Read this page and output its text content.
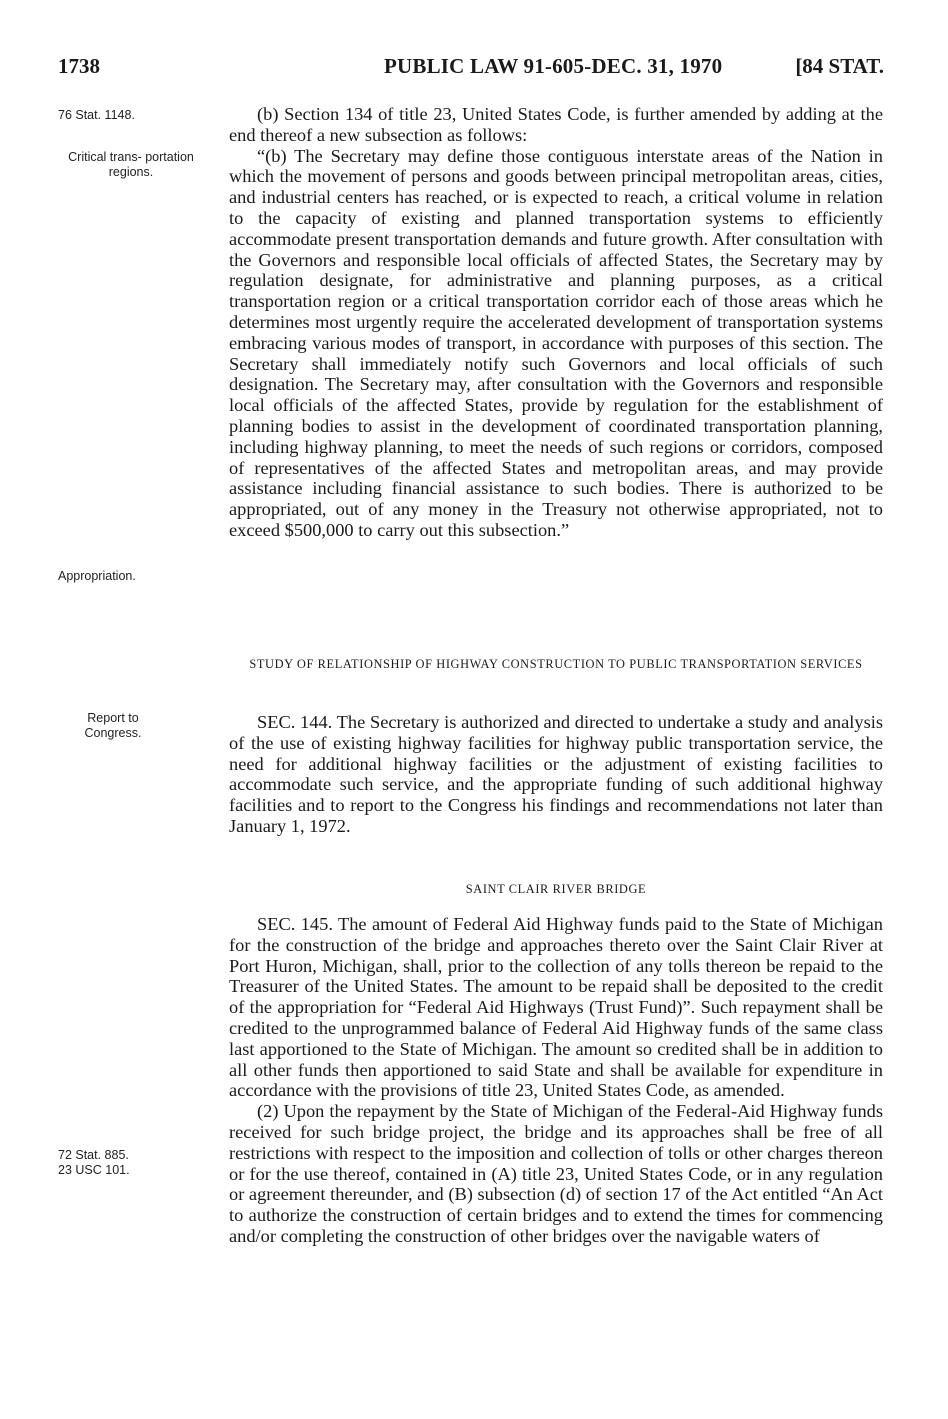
1738	PUBLIC LAW 91-605-DEC. 31, 1970	[84 STAT.
76 Stat. 1148.
Critical trans- portation regions.
Appropriation.
Report to Congress.
72 Stat. 885.
23 USC 101.

(b) Section 134 of title 23, United States Code, is further amended by adding at the end thereof a new subsection as follows:

“(b) The Secretary may define those contiguous interstate areas of the Nation in which the movement of persons and goods between principal metropolitan areas, cities, and industrial centers has reached, or is expected to reach, a critical volume in relation to the capacity of existing and planned transportation systems to efficiently accommodate present transportation demands and future growth. After consultation with the Governors and responsible local officials of affected States, the Secretary may by regulation designate, for administrative and planning purposes, as a critical transportation region or a critical transportation corridor each of those areas which he determines most urgently require the accelerated development of transportation systems embracing various modes of transport, in accordance with purposes of this section. The Secretary shall immediately notify such Governors and local officials of such designation. The Secretary may, after consultation with the Governors and responsible local officials of the affected States, provide by regulation for the establishment of planning bodies to assist in the development of coordinated transportation planning, including highway planning, to meet the needs of such regions or corridors, composed of representatives of the affected States and metropolitan areas, and may provide assistance including financial assistance to such bodies. There is authorized to be appropriated, out of any money in the Treasury not otherwise appropriated, not to exceed $500,000 to carry out this subsection.”

STUDY OF RELATIONSHIP OF HIGHWAY CONSTRUCTION TO PUBLIC TRANSPORTATION SERVICES

SEC. 144. The Secretary is authorized and directed to undertake a study and analysis of the use of existing highway facilities for highway public transportation service, the need for additional highway facilities or the adjustment of existing facilities to accommodate such service, and the appropriate funding of such additional highway facilities and to report to the Congress his findings and recommendations not later than January 1, 1972.

SAINT CLAIR RIVER BRIDGE

SEC. 145. The amount of Federal Aid Highway funds paid to the State of Michigan for the construction of the bridge and approaches thereto over the Saint Clair River at Port Huron, Michigan, shall, prior to the collection of any tolls thereon be repaid to the Treasurer of the United States. The amount to be repaid shall be deposited to the credit of the appropriation for “Federal Aid Highways (Trust Fund)”. Such repayment shall be credited to the unprogrammed balance of Federal Aid Highway funds of the same class last apportioned to the State of Michigan. The amount so credited shall be in addition to all other funds then apportioned to said State and shall be available for expenditure in accordance with the provisions of title 23, United States Code, as amended.

(2) Upon the repayment by the State of Michigan of the Federal-Aid Highway funds received for such bridge project, the bridge and its approaches shall be free of all restrictions with respect to the imposition and collection of tolls or other charges thereon or for the use thereof, contained in (A) title 23, United States Code, or in any regulation or agreement thereunder, and (B) subsection (d) of section 17 of the Act entitled “An Act to authorize the construction of certain bridges and to extend the times for commencing and/or completing the construction of other bridges over the navigable waters of
